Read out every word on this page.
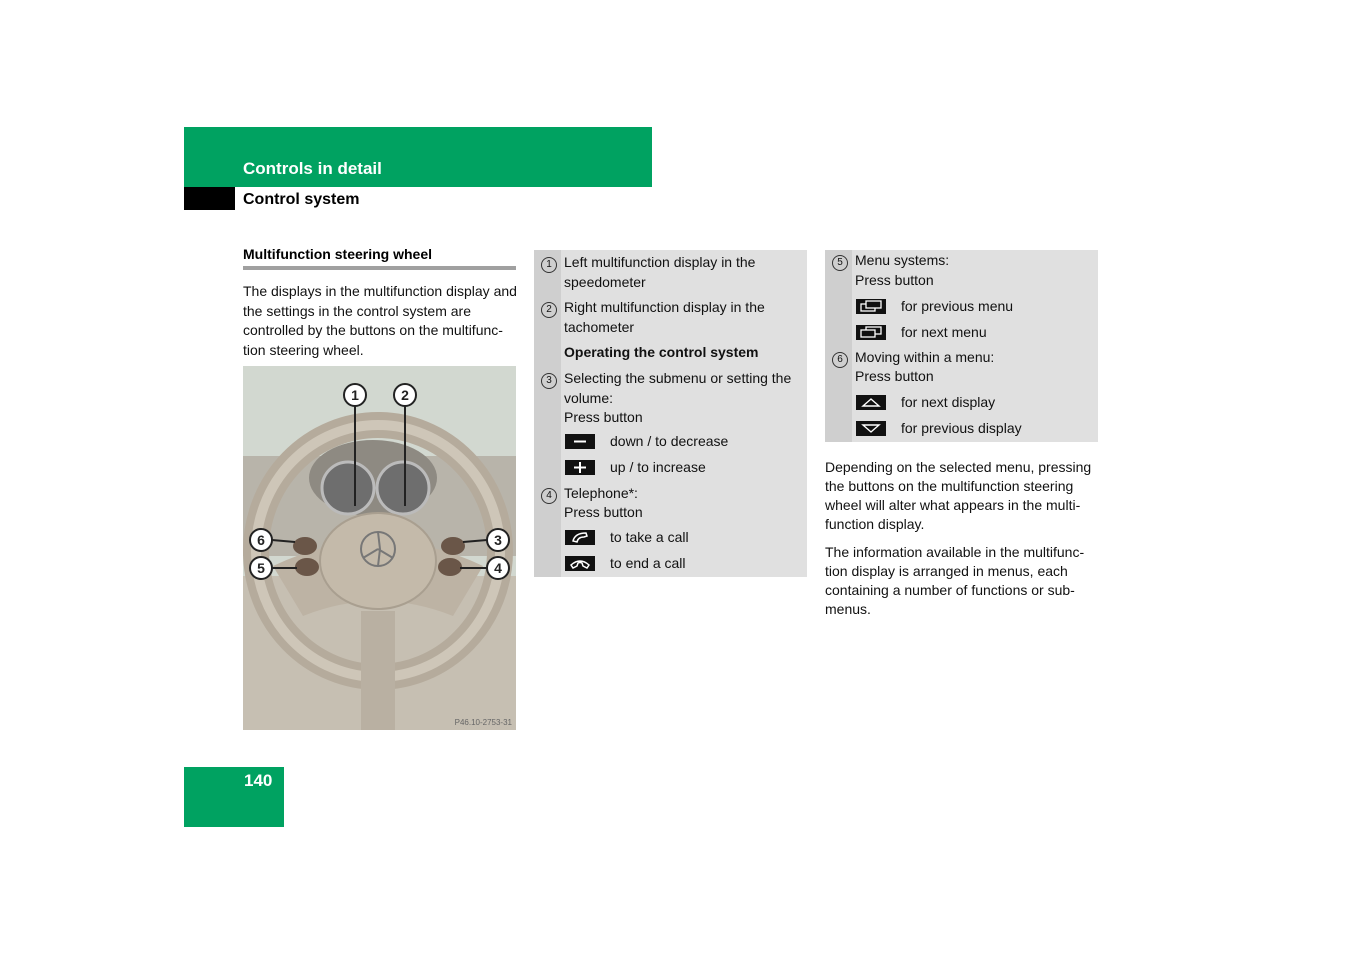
Controls in detail
Control system
Multifunction steering wheel
The displays in the multifunction display and the settings in the control system are controlled by the buttons on the multifunc-tion steering wheel.
1	2
3
4
5
6
P46.10-2753-31
1 Left multifunction display in the speedometer
2 Right multifunction display in the tachometer
Operating the control system
3 Selecting the submenu or setting the volume:
Press button
down / to decrease
up / to increase
4 Telephone*:
Press button
to take a call
to end a call
5 Menu systems:
Press button
for previous menu
for next menu
6 Moving within a menu:
Press button
for next display
for previous display
Depending on the selected menu, pressing the buttons on the multifunction steering wheel will alter what appears in the multi-function display.
The information available in the multifunc-tion display is arranged in menus, each containing a number of functions or sub-menus.
140
